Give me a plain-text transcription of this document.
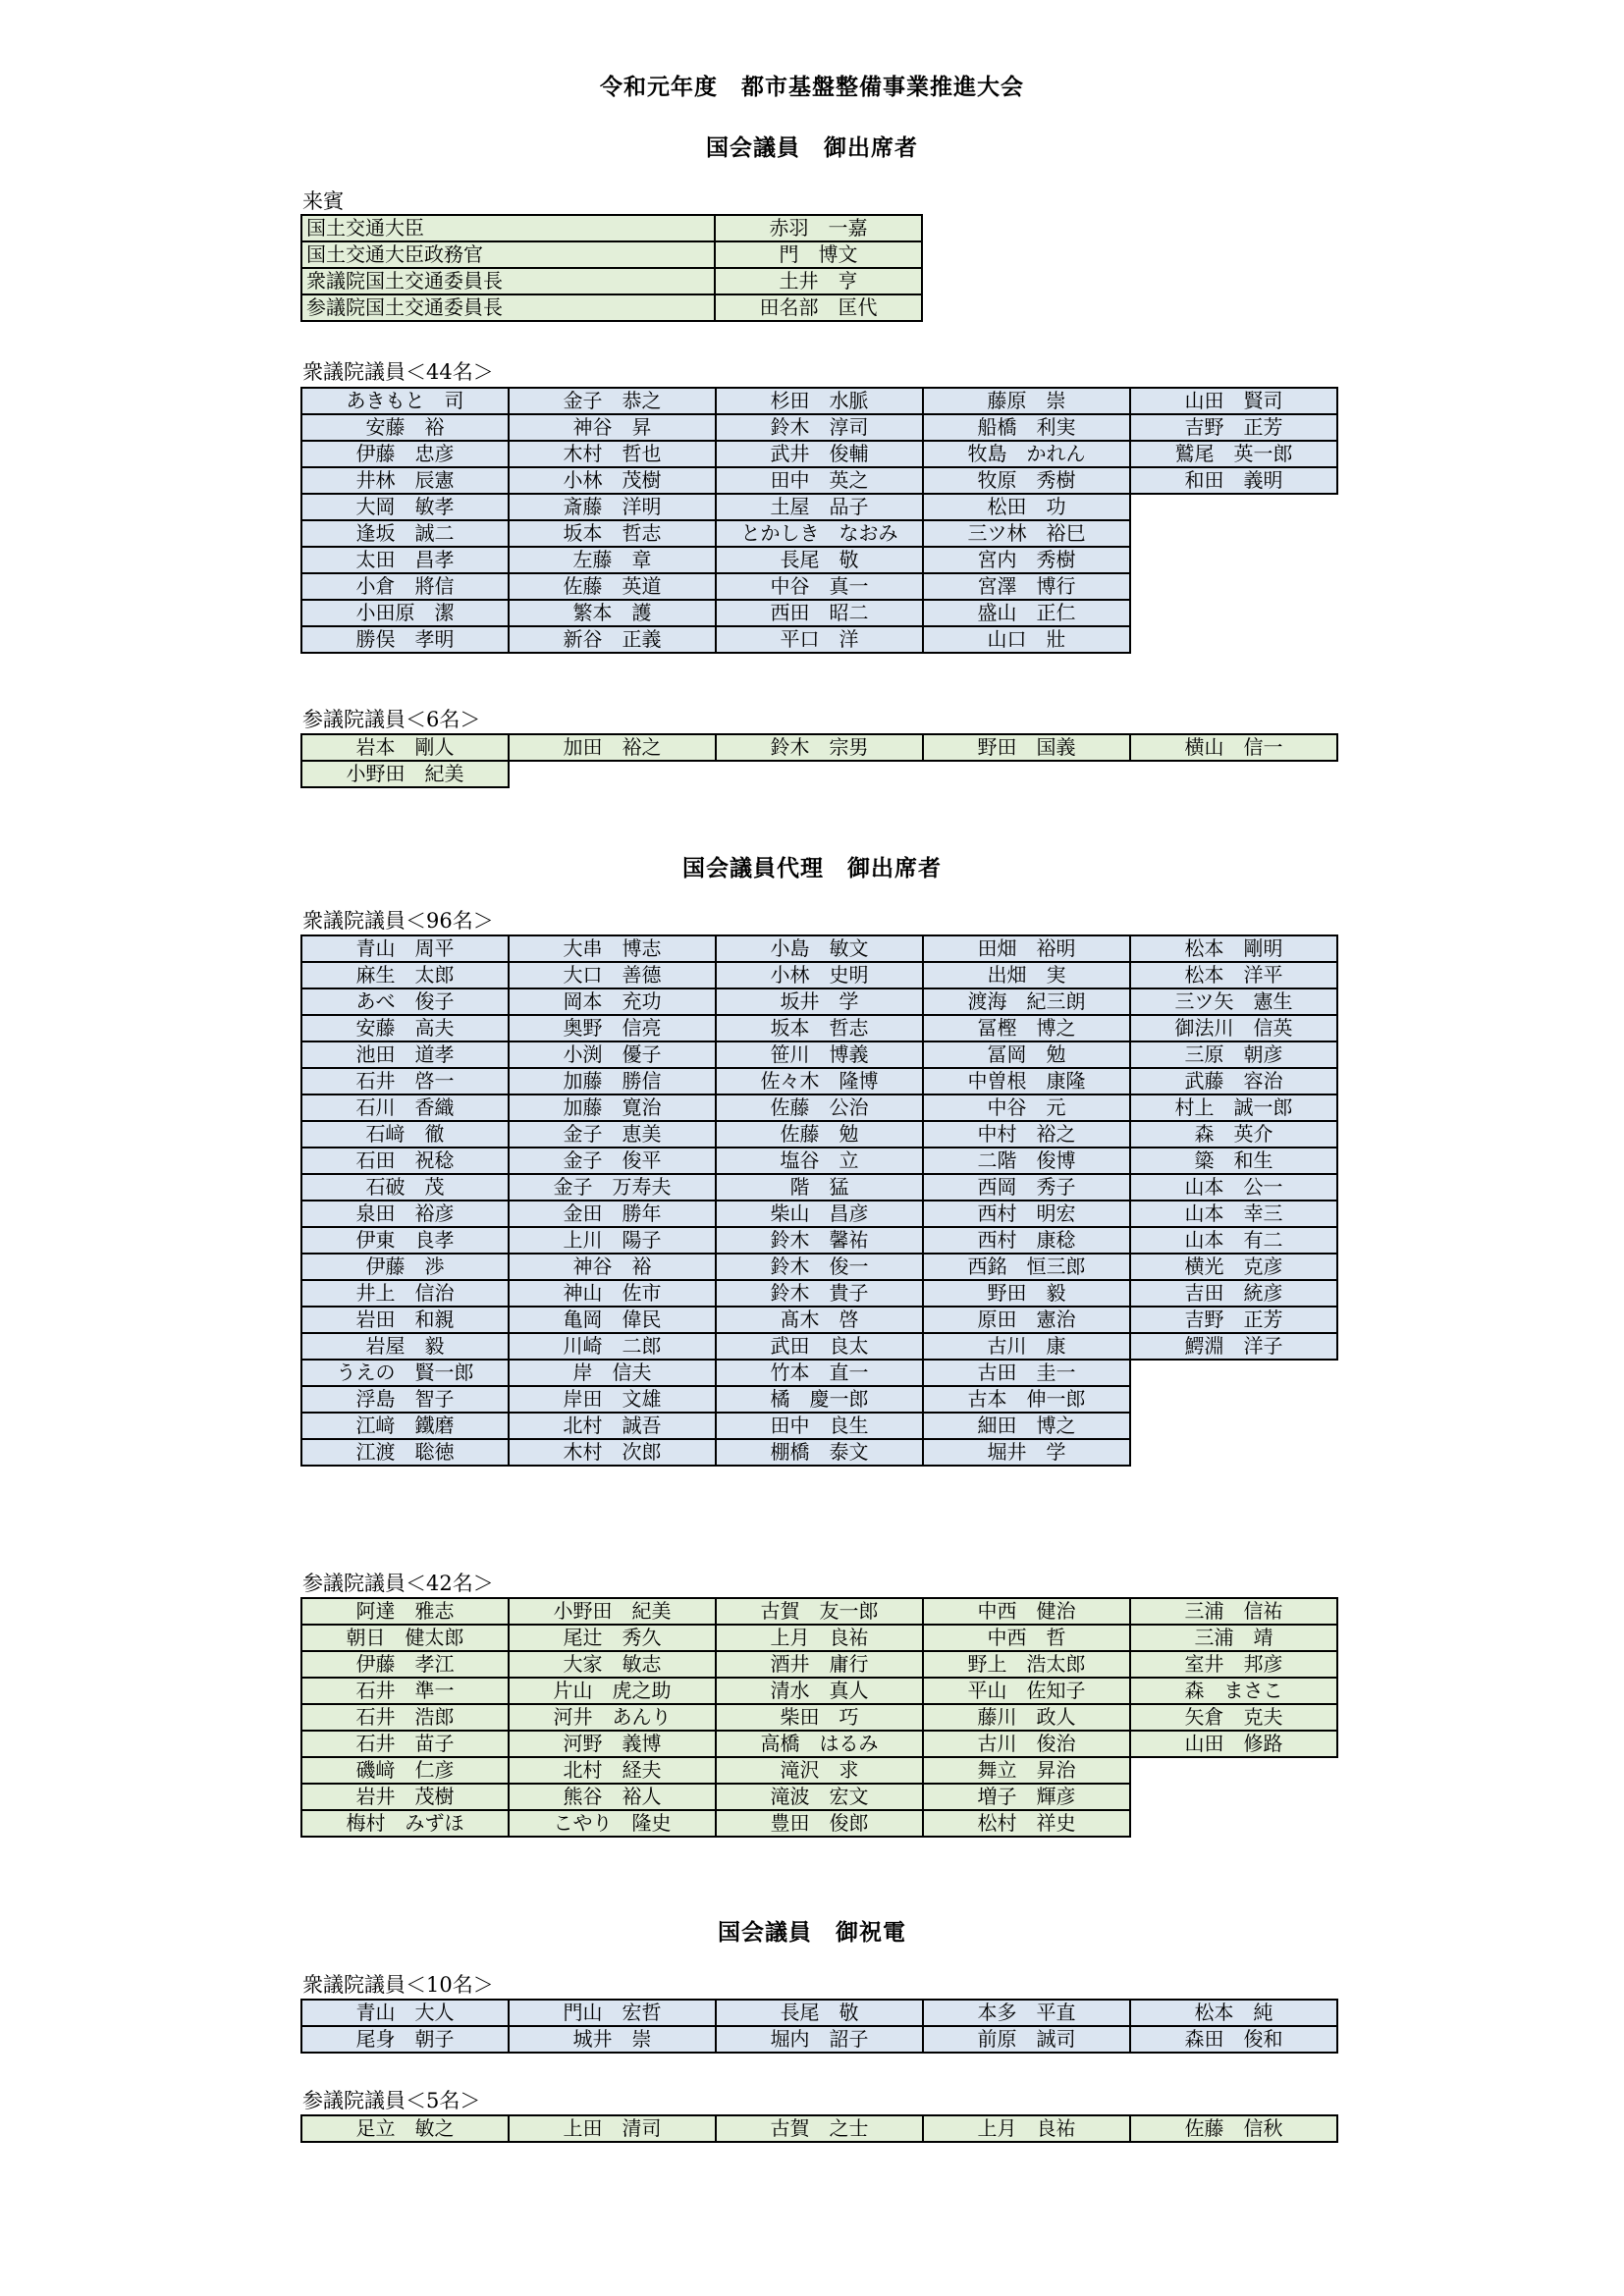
令和元年度　都市基盤整備事業推進大会
国会議員　御出席者
来賓
国土交通大臣	赤羽　一嘉
国土交通大臣政務官	門　博文
衆議院国土交通委員長	土井　亨
参議院国土交通委員長	田名部　匡代
衆議院議員＜44名＞
あきもと　司	金子　恭之	杉田　水脈	藤原　崇	山田　賢司
安藤　裕	神谷　昇	鈴木　淳司	船橋　利実	吉野　正芳
伊藤　忠彦	木村　哲也	武井　俊輔	牧島　かれん	鷲尾　英一郎
井林　辰憲	小林　茂樹	田中　英之	牧原　秀樹	和田　義明
大岡　敏孝	斎藤　洋明	土屋　品子	松田　功	
逢坂　誠二	坂本　哲志	とかしき　なおみ	三ツ林　裕巳	
太田　昌孝	左藤　章	長尾　敬	宮内　秀樹	
小倉　將信	佐藤　英道	中谷　真一	宮澤　博行	
小田原　潔	繁本　護	西田　昭二	盛山　正仁	
勝俣　孝明	新谷　正義	平口　洋	山口　壯	
参議院議員＜6名＞
岩本　剛人	加田　裕之	鈴木　宗男	野田　国義	横山　信一
小野田　紀美				
国会議員代理　御出席者
衆議院議員＜96名＞
青山　周平	大串　博志	小島　敏文	田畑　裕明	松本　剛明
麻生　太郎	大口　善德	小林　史明	出畑　実	松本　洋平
あべ　俊子	岡本　充功	坂井　学	渡海　紀三朗	三ツ矢　憲生
安藤　高夫	奥野　信亮	坂本　哲志	冨樫　博之	御法川　信英
池田　道孝	小渕　優子	笹川　博義	冨岡　勉	三原　朝彦
石井　啓一	加藤　勝信	佐々木　隆博	中曽根　康隆	武藤　容治
石川　香織	加藤　寛治	佐藤　公治	中谷　元	村上　誠一郎
石﨑　徹	金子　恵美	佐藤　勉	中村　裕之	森　英介
石田　祝稔	金子　俊平	塩谷　立	二階　俊博	簗　和生
石破　茂	金子　万寿夫	階　猛	西岡　秀子	山本　公一
泉田　裕彦	金田　勝年	柴山　昌彦	西村　明宏	山本　幸三
伊東　良孝	上川　陽子	鈴木　馨祐	西村　康稔	山本　有二
伊藤　渉	神谷　裕	鈴木　俊一	西銘　恒三郎	横光　克彦
井上　信治	神山　佐市	鈴木　貴子	野田　毅	吉田　統彦
岩田　和親	亀岡　偉民	髙木　啓	原田　憲治	吉野　正芳
岩屋　毅	川崎　二郎	武田　良太	古川　康	鰐淵　洋子
うえの　賢一郎	岸　信夫	竹本　直一	古田　圭一	
浮島　智子	岸田　文雄	橘　慶一郎	古本　伸一郎	
江﨑　鐵磨	北村　誠吾	田中　良生	細田　博之	
江渡　聡徳	木村　次郎	棚橋　泰文	堀井　学	
参議院議員＜42名＞
阿達　雅志	小野田　紀美	古賀　友一郎	中西　健治	三浦　信祐
朝日　健太郎	尾辻　秀久	上月　良祐	中西　哲	三浦　靖
伊藤　孝江	大家　敏志	酒井　庸行	野上　浩太郎	室井　邦彦
石井　準一	片山　虎之助	清水　真人	平山　佐知子	森　まさこ
石井　浩郎	河井　あんり	柴田　巧	藤川　政人	矢倉　克夫
石井　苗子	河野　義博	高橋　はるみ	古川　俊治	山田　修路
磯﨑　仁彦	北村　経夫	滝沢　求	舞立　昇治	
岩井　茂樹	熊谷　裕人	滝波　宏文	増子　輝彦	
梅村　みずほ	こやり　隆史	豊田　俊郎	松村　祥史	
国会議員　御祝電
衆議院議員＜10名＞
青山　大人	門山　宏哲	長尾　敬	本多　平直	松本　純
尾身　朝子	城井　崇	堀内　詔子	前原　誠司	森田　俊和
参議院議員＜5名＞
足立　敏之	上田　清司	古賀　之士	上月　良祐	佐藤　信秋
